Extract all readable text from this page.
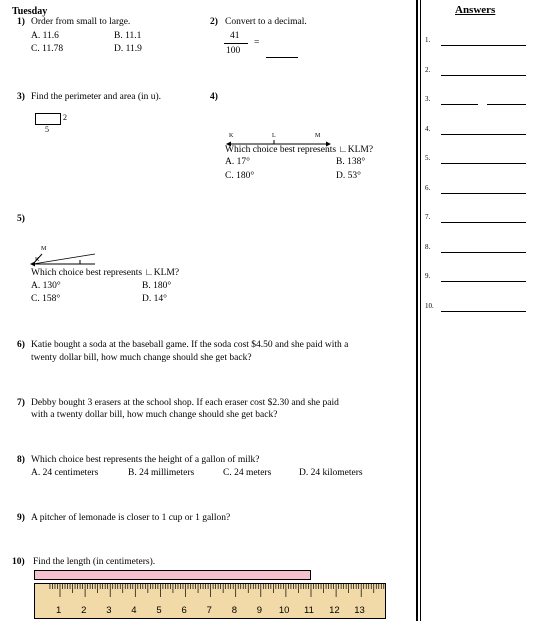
Tuesday	Answers
1.
2.
3.
4.
5.
6.
7.
8.
9.
10.
1) Order from small to large.
A. 11.6	B. 11.1
C. 11.78	D. 11.9
2) Convert to a decimal.
41
100
=
3) Find the perimeter and area (in u).
2
5
4)
K	L	M
Which choice best represents ∟KLM?
A. 17°	B. 138°
C. 180°	D. 53°
5)
M
K
Which choice best represents ∟KLM?
A. 130°	B. 180°
C. 158°	D. 14°
6) Katie bought a soda at the baseball game. If the soda cost $4.50 and she paid with a
twenty dollar bill, how much change should she get back?
7) Debby bought 3 erasers at the school shop. If each eraser cost $2.30 and she paid
with a twenty dollar bill, how much change should she get back?
8) Which choice best represents the height of a gallon of milk?
A. 24 centimeters	B. 24 millimeters	C. 24 meters	D. 24 kilometers
9) A pitcher of lemonade is closer to 1 cup or 1 gallon?
10) Find the length (in centimeters).
1 2 3 4 5 6 7 8 9 10 11 12 13
